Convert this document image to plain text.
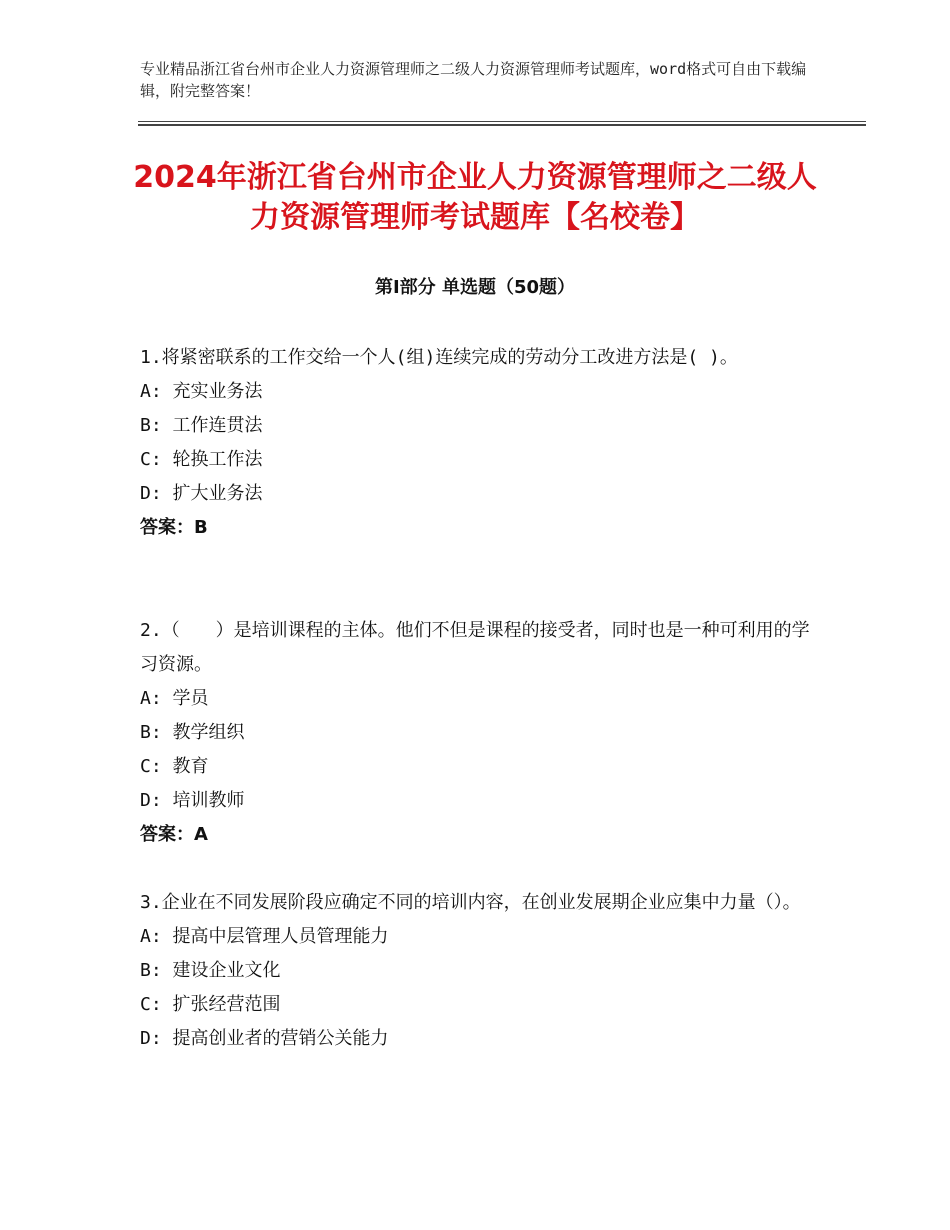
专业精品浙江省台州市企业人力资源管理师之二级人力资源管理师考试题库，word格式可自由下载编辑，附完整答案！
2024年浙江省台州市企业人力资源管理师之二级人力资源管理师考试题库【名校卷】
第Ⅰ部分 单选题（50题）

1.将紧密联系的工作交给一个人(组)连续完成的劳动分工改进方法是( )。

A: 充实业务法

B: 工作连贯法

C: 轮换工作法

D: 扩大业务法

答案：B

2.（　　）是培训课程的主体。他们不但是课程的接受者，同时也是一种可利用的学习资源。

A: 学员

B: 教学组织

C: 教育

D: 培训教师

答案：A

3.企业在不同发展阶段应确定不同的培训内容，在创业发展期企业应集中力量（）。

A: 提高中层管理人员管理能力

B: 建设企业文化

C: 扩张经营范围

D: 提高创业者的营销公关能力
